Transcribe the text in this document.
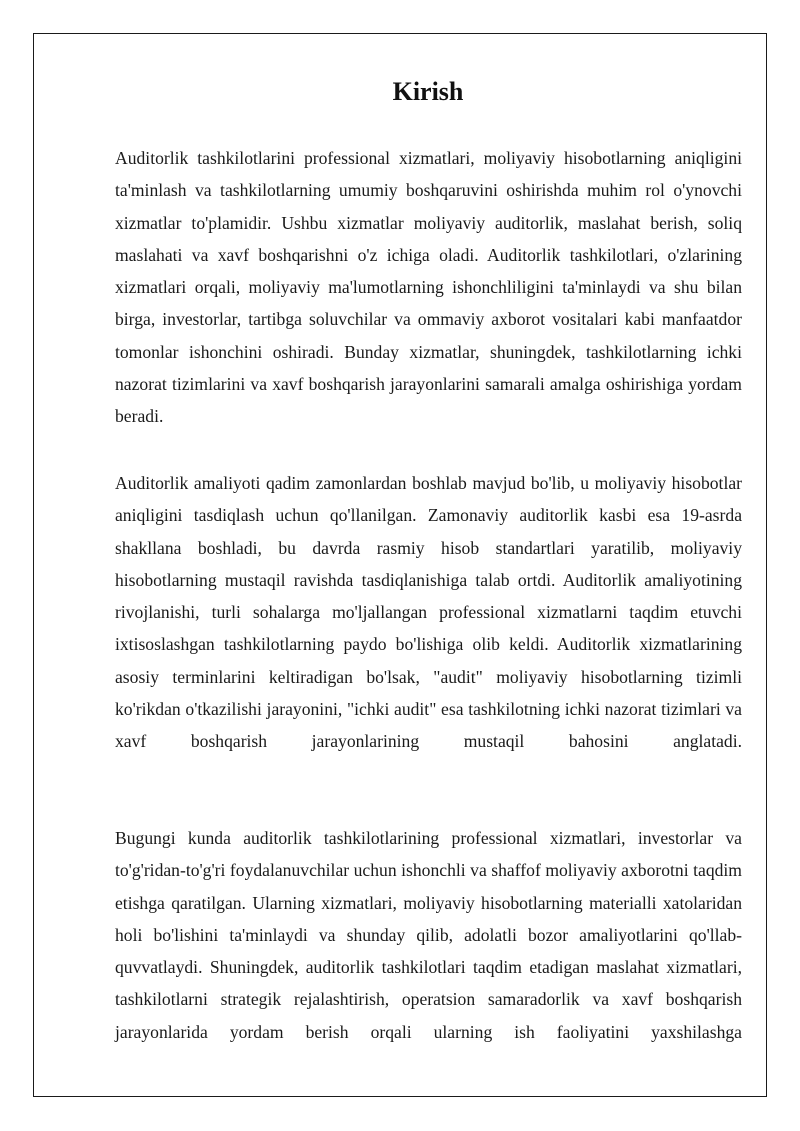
Kirish
Auditorlik tashkilotlarini professional xizmatlari, moliyaviy hisobotlarning aniqligini ta'minlash va tashkilotlarning umumiy boshqaruvini oshirishda muhim rol o'ynovchi xizmatlar to'plamidir. Ushbu xizmatlar moliyaviy auditorlik, maslahat berish, soliq maslahati va xavf boshqarishni o'z ichiga oladi. Auditorlik tashkilotlari, o'zlarining xizmatlari orqali, moliyaviy ma'lumotlarning ishonchliligini ta'minlaydi va shu bilan birga, investorlar, tartibga soluvchilar va ommaviy axborot vositalari kabi manfaatdor tomonlar ishonchini oshiradi. Bunday xizmatlar, shuningdek, tashkilotlarning ichki nazorat tizimlarini va xavf boshqarish jarayonlarini samarali amalga oshirishiga yordam beradi.
Auditorlik amaliyoti qadim zamonlardan boshlab mavjud bo'lib, u moliyaviy hisobotlar aniqligini tasdiqlash uchun qo'llanilgan. Zamonaviy auditorlik kasbi esa 19-asrda shakllana boshladi, bu davrda rasmiy hisob standartlari yaratilib, moliyaviy hisobotlarning mustaqil ravishda tasdiqlanishiga talab ortdi. Auditorlik amaliyotining rivojlanishi, turli sohalarga mo'ljallangan professional xizmatlarni taqdim etuvchi ixtisoslashgan tashkilotlarning paydo bo'lishiga olib keldi. Auditorlik xizmatlarining asosiy terminlarini keltiradigan bo'lsak, "audit" moliyaviy hisobotlarning tizimli ko'rikdan o'tkazilishi jarayonini, "ichki audit" esa tashkilotning ichki nazorat tizimlari va xavf boshqarish jarayonlarining mustaqil bahosini anglatadi.
Bugungi kunda auditorlik tashkilotlarining professional xizmatlari, investorlar va to'g'ridan-to'g'ri foydalanuvchilar uchun ishonchli va shaffof moliyaviy axborotni taqdim etishga qaratilgan. Ularning xizmatlari, moliyaviy hisobotlarning materialli xatolaridan holi bo'lishini ta'minlaydi va shunday qilib, adolatli bozor amaliyotlarini qo'llab-quvvatlaydi. Shuningdek, auditorlik tashkilotlari taqdim etadigan maslahat xizmatlari, tashkilotlarni strategik rejalashtirish, operatsion samaradorlik va xavf boshqarish jarayonlarida yordam berish orqali ularning ish faoliyatini yaxshilashga
